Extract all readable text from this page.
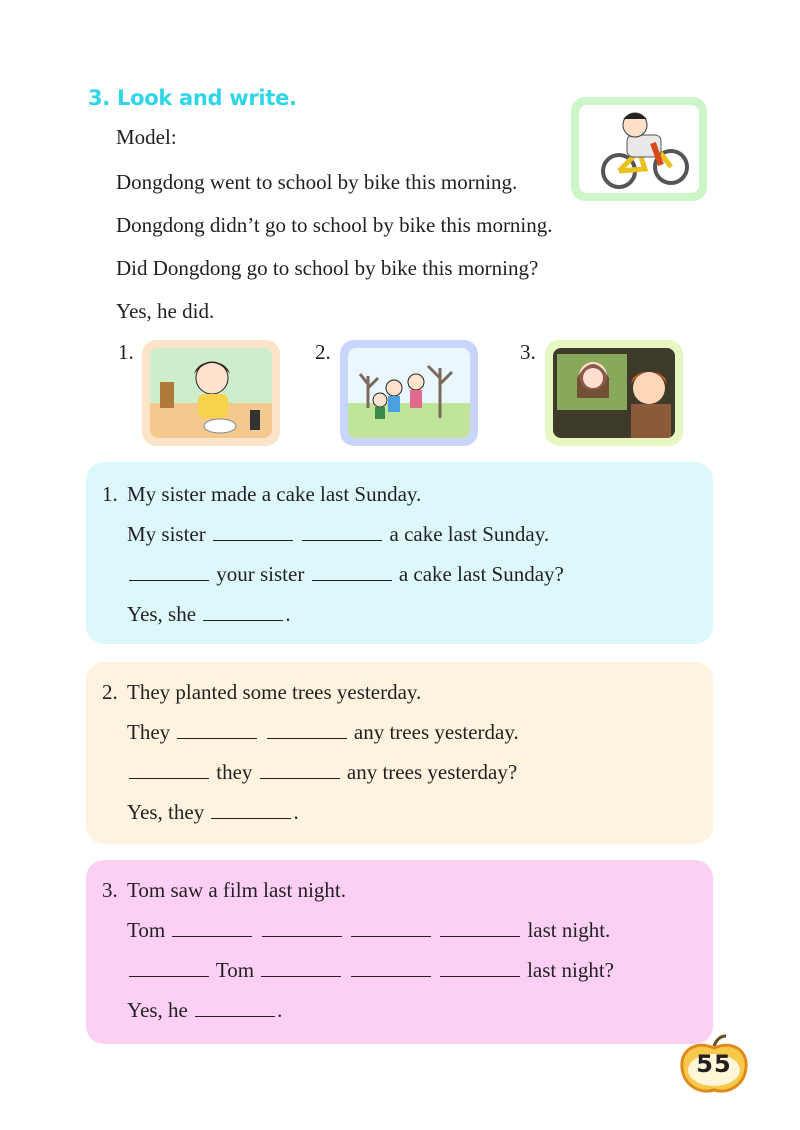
3. Look and write.
Model:
Dongdong went to school by bike this morning.
Dongdong didn’t go to school by bike this morning.
Did Dongdong go to school by bike this morning?
Yes, he did.
1.	2.	3.
1. My sister made a cake last Sunday.
My sister	a cake last Sunday.
your sister	a cake last Sunday?
Yes, she	.
2. They planted some trees yesterday.
They	any trees yesterday.
they	any trees yesterday?
Yes, they	.
3. Tom saw a film last night.
Tom	last night.
Tom	last night?
Yes, he	.
55
